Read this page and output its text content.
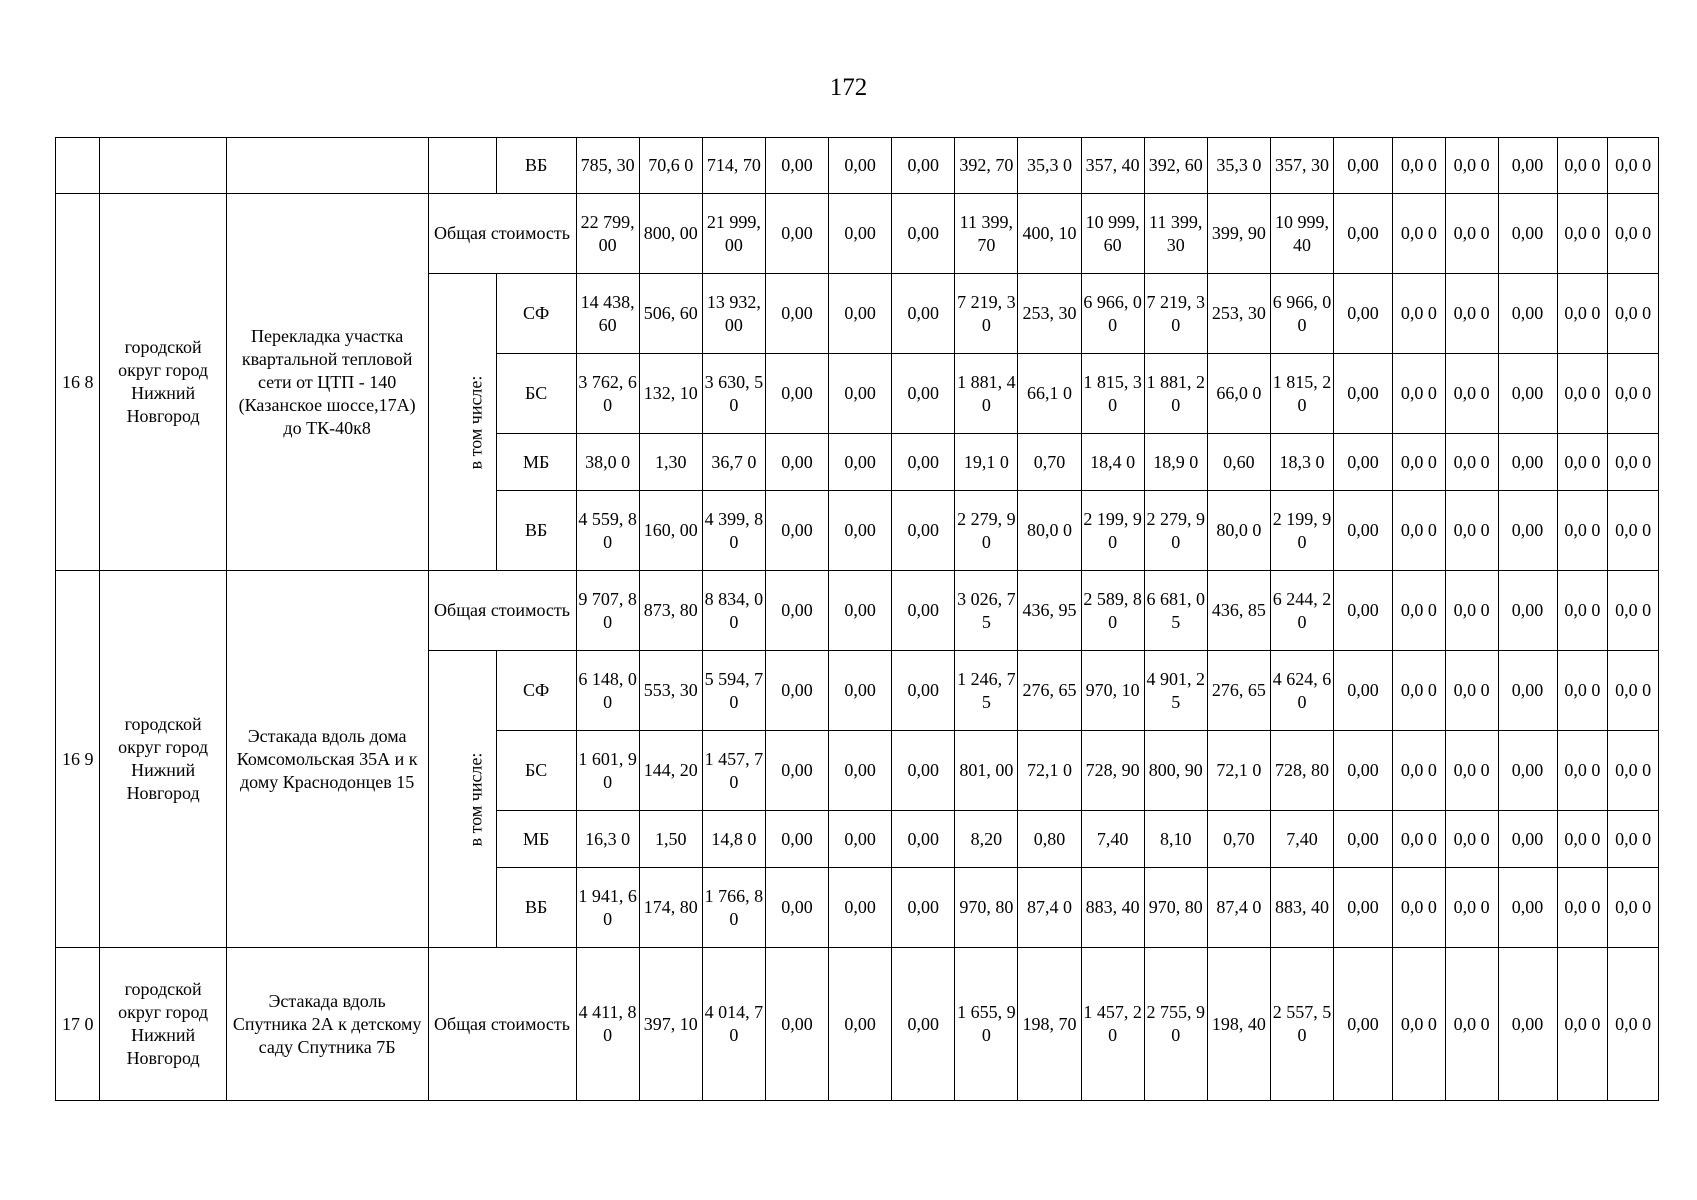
172
				ВБ	785, 30	70,6 0	714, 70	0,00	0,00	0,00	392, 70	35,3 0	357, 40	392, 60	35,3 0	357, 30	0,00	0,0 0	0,0 0	0,00	0,0 0	0,0 0
16 8	городской округ город Нижний Новгород	Перекладка участка квартальной тепловой сети от ЦТП - 140 (Казанское шоссе,17А) до ТК-40к8	Общая стоимость		22 799, 00	800, 00	21 999, 00	0,00	0,00	0,00	11 399, 70	400, 10	10 999, 60	11 399, 30	399, 90	10 999, 40	0,00	0,0 0	0,0 0	0,00	0,0 0	0,0 0
			в том числе:	СФ	14 438, 60	506, 60	13 932, 00	0,00	0,00	0,00	7 219, 30	253, 30	6 966, 00	7 219, 30	253, 30	6 966, 00	0,00	0,0 0	0,0 0	0,00	0,0 0	0,0 0
				БС	3 762, 60	132, 10	3 630, 50	0,00	0,00	0,00	1 881, 40	66,1 0	1 815, 30	1 881, 20	66,0 0	1 815, 20	0,00	0,0 0	0,0 0	0,00	0,0 0	0,0 0
				МБ	38,0 0	1,30	36,7 0	0,00	0,00	0,00	19,1 0	0,70	18,4 0	18,9 0	0,60	18,3 0	0,00	0,0 0	0,0 0	0,00	0,0 0	0,0 0
				ВБ	4 559, 80	160, 00	4 399, 80	0,00	0,00	0,00	2 279, 90	80,0 0	2 199, 90	2 279, 90	80,0 0	2 199, 90	0,00	0,0 0	0,0 0	0,00	0,0 0	0,0 0
16 9	городской округ город Нижний Новгород	Эстакада вдоль дома Комсомольская 35А и к дому Краснодонцев 15	Общая стоимость		9 707, 80	873, 80	8 834, 00	0,00	0,00	0,00	3 026, 75	436, 95	2 589, 80	6 681, 05	436, 85	6 244, 20	0,00	0,0 0	0,0 0	0,00	0,0 0	0,0 0
			в том числе:	СФ	6 148, 00	553, 30	5 594, 70	0,00	0,00	0,00	1 246, 75	276, 65	970, 10	4 901, 25	276, 65	4 624, 60	0,00	0,0 0	0,0 0	0,00	0,0 0	0,0 0
				БС	1 601, 90	144, 20	1 457, 70	0,00	0,00	0,00	801, 00	72,1 0	728, 90	800, 90	72,1 0	728, 80	0,00	0,0 0	0,0 0	0,00	0,0 0	0,0 0
				МБ	16,3 0	1,50	14,8 0	0,00	0,00	0,00	8,20	0,80	7,40	8,10	0,70	7,40	0,00	0,0 0	0,0 0	0,00	0,0 0	0,0 0
				ВБ	1 941, 60	174, 80	1 766, 80	0,00	0,00	0,00	970, 80	87,4 0	883, 40	970, 80	87,4 0	883, 40	0,00	0,0 0	0,0 0	0,00	0,0 0	0,0 0
17 0	городской округ город Нижний Новгород	Эстакада вдоль Спутника 2А к детскому саду Спутника 7Б	Общая стоимость		4 411, 80	397, 10	4 014, 70	0,00	0,00	0,00	1 655, 90	198, 70	1 457, 20	2 755, 90	198, 40	2 557, 50	0,00	0,0 0	0,0 0	0,00	0,0 0	0,0 0
